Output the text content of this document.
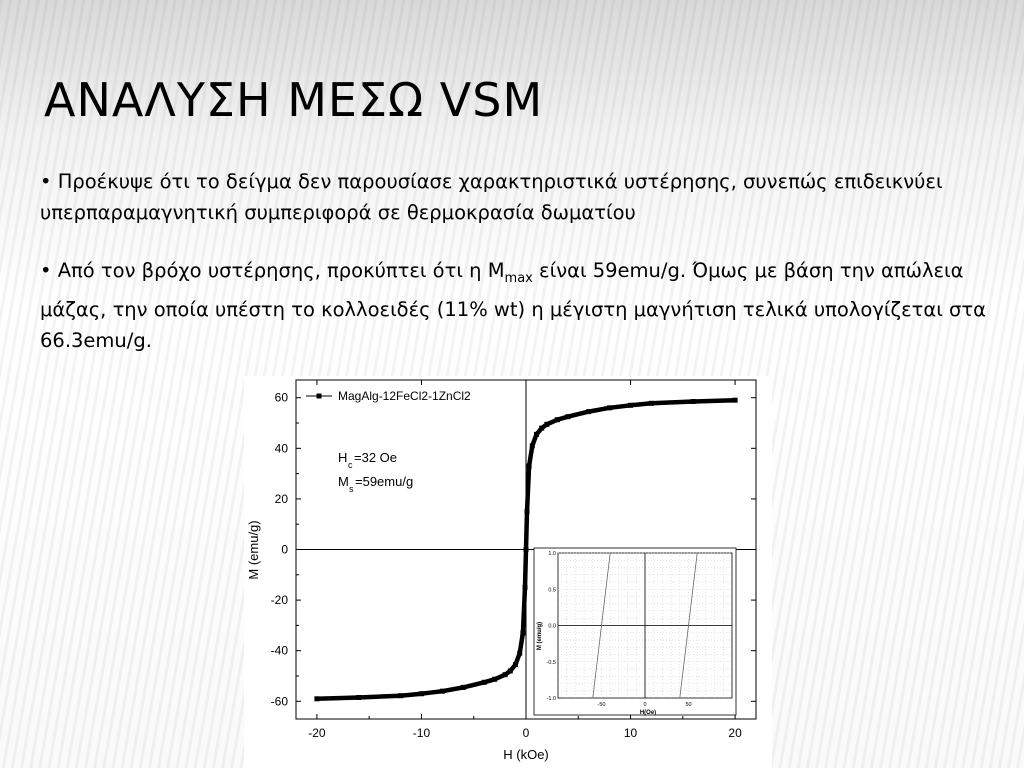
ΑΝΑΛΥΣΗ ΜΕΣΩ VSM

• Προέκυψε ότι το δείγμα δεν παρουσίασε χαρακτηριστικά υστέρησης, συνεπώς επιδεικνύει υπερπαραμαγνητική συμπεριφορά σε θερμοκρασία δωματίου

• Από τον βρόχο υστέρησης, προκύπτει ότι η $M_{max}$ είναι 59emu/g. Όμως με βάση την απώλεια μάζας, την οποία υπέστη το κολλοειδές (11% wt) η μέγιστη μαγνήτιση τελικά υπολογίζεται στα 66.3emu/g.

-20	-10	0	10	20
60
40
20
0
-20
-40
-60
MagAlg-12FeCl2-1ZnCl2
H c =32 Oe
M s =59emu/g
H (kOe)
M (emu/g)
-50	0	50
1.0
0.5
0.0
-0.5
-1.0
H(Oe)
M (emu/g)
